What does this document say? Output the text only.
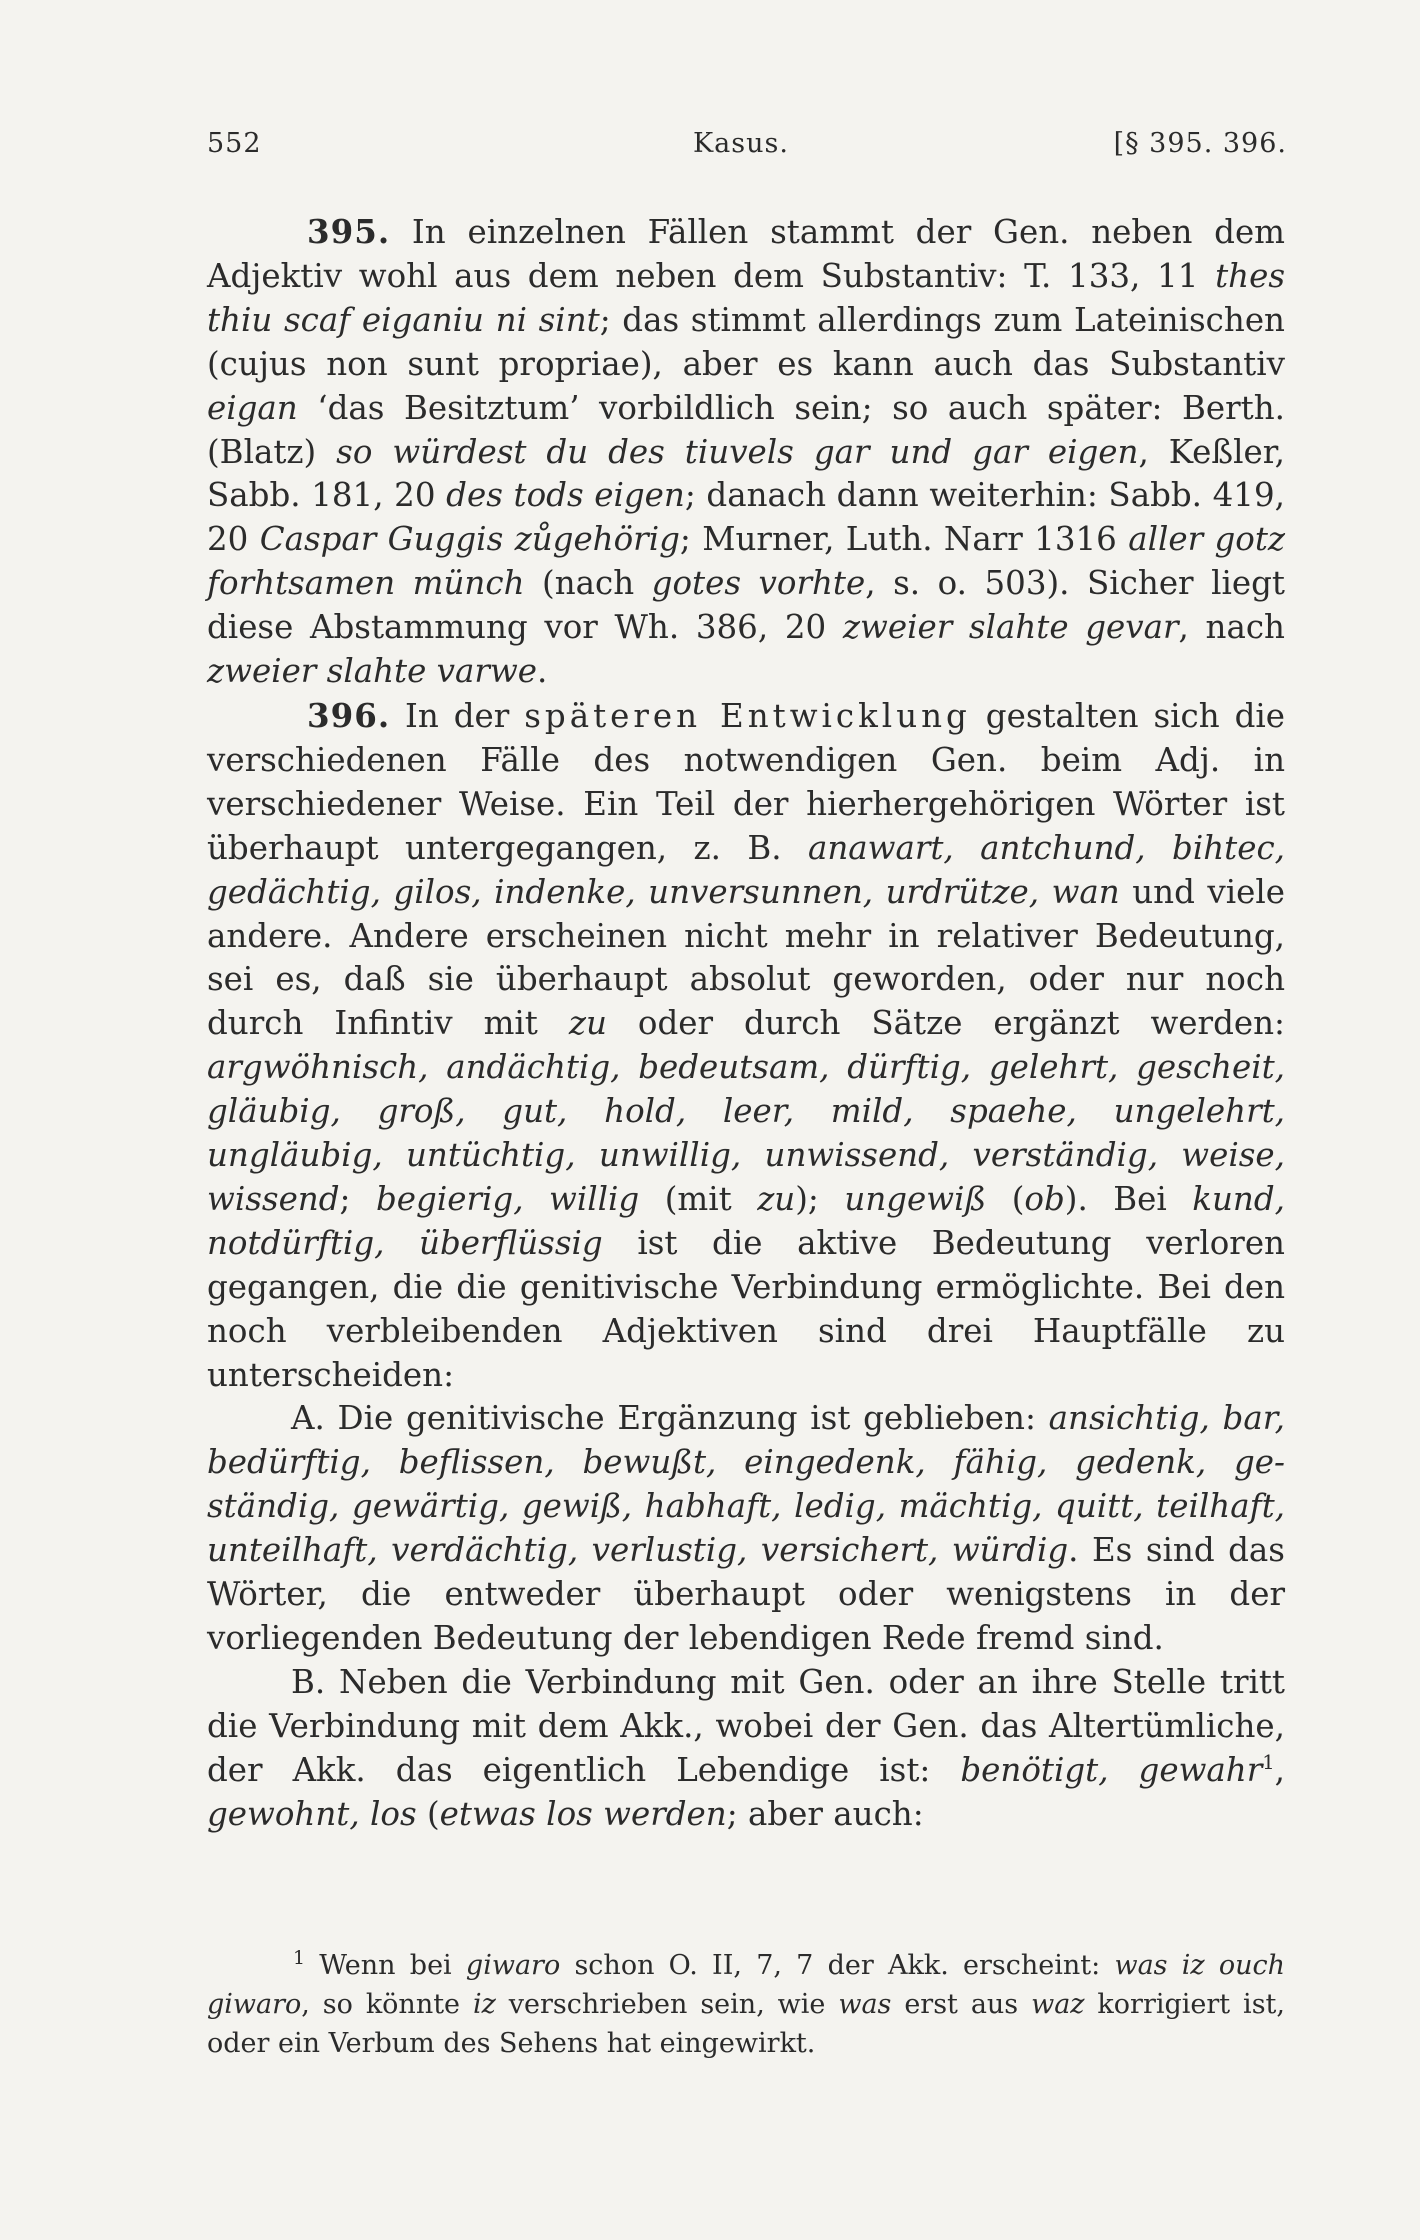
552	Kasus.	[§ 395. 396.

395. In einzelnen Fällen stammt der Gen. neben dem Adjektiv wohl aus dem neben dem Substantiv: T. 133, 11 thes thiu scaf eiganiu ni sint; das stimmt allerdings zum Lateinischen (cujus non sunt propriae), aber es kann auch das Substantiv eigan ‘das Besitztum’ vorbildlich sein; so auch später: Berth. (Blatz) so würdest du des tiuvels gar und gar eigen, Keßler, Sabb. 181, 20 des tods eigen; danach dann weiterhin: Sabb. 419, 20 Caspar Guggis zůgehörig; Murner, Luth. Narr 1316 aller gotz forhtsamen münch (nach gotes vorhte, s. o. 503). Sicher liegt diese Abstammung vor Wh. 386, 20 zweier slahte gevar, nach zweier slahte varwe.

396. In der späteren Entwicklung gestalten sich die verschiedenen Fälle des notwendigen Gen. beim Adj. in verschiedener Weise. Ein Teil der hierhergehörigen Wörter ist überhaupt untergegangen, z. B. anawart, antchund, bihtec, gedächtig, gilos, indenke, unversunnen, urdrütze, wan und viele andere. Andere erscheinen nicht mehr in relativer Bedeutung, sei es, daß sie überhaupt absolut geworden, oder nur noch durch Infintiv mit zu oder durch Sätze ergänzt werden: argwöhnisch, andächtig, bedeutsam, dürftig, gelehrt, gescheit, gläubig, groß, gut, hold, leer, mild, spaehe, ungelehrt, ungläubig, untüchtig, unwillig, unwissend, verständig, weise, wissend; begierig, willig (mit zu); ungewiß (ob). Bei kund, notdürftig, überflüssig ist die aktive Bedeutung verloren gegangen, die die genitivische Verbindung ermöglichte. Bei den noch verbleibenden Adjektiven sind drei Hauptfälle zu unterscheiden:

A. Die genitivische Ergänzung ist geblieben: ansichtig, bar, bedürftig, beflissen, bewußt, eingedenk, fähig, gedenk, geständig, gewärtig, gewiß, habhaft, ledig, mächtig, quitt, teilhaft, unteilhaft, verdächtig, verlustig, versichert, würdig. Es sind das Wörter, die entweder überhaupt oder wenigstens in der vorliegenden Bedeutung der lebendigen Rede fremd sind.

B. Neben die Verbindung mit Gen. oder an ihre Stelle tritt die Verbindung mit dem Akk., wobei der Gen. das Altertümliche, der Akk. das eigentlich Lebendige ist: benötigt, gewahr$^1$, gewohnt, los (etwas los werden; aber auch:

$^1$ Wenn bei giwaro schon O. II, 7, 7 der Akk. erscheint: was iz ouch giwaro, so könnte iz verschrieben sein, wie was erst aus waz korrigiert ist, oder ein Verbum des Sehens hat eingewirkt.
